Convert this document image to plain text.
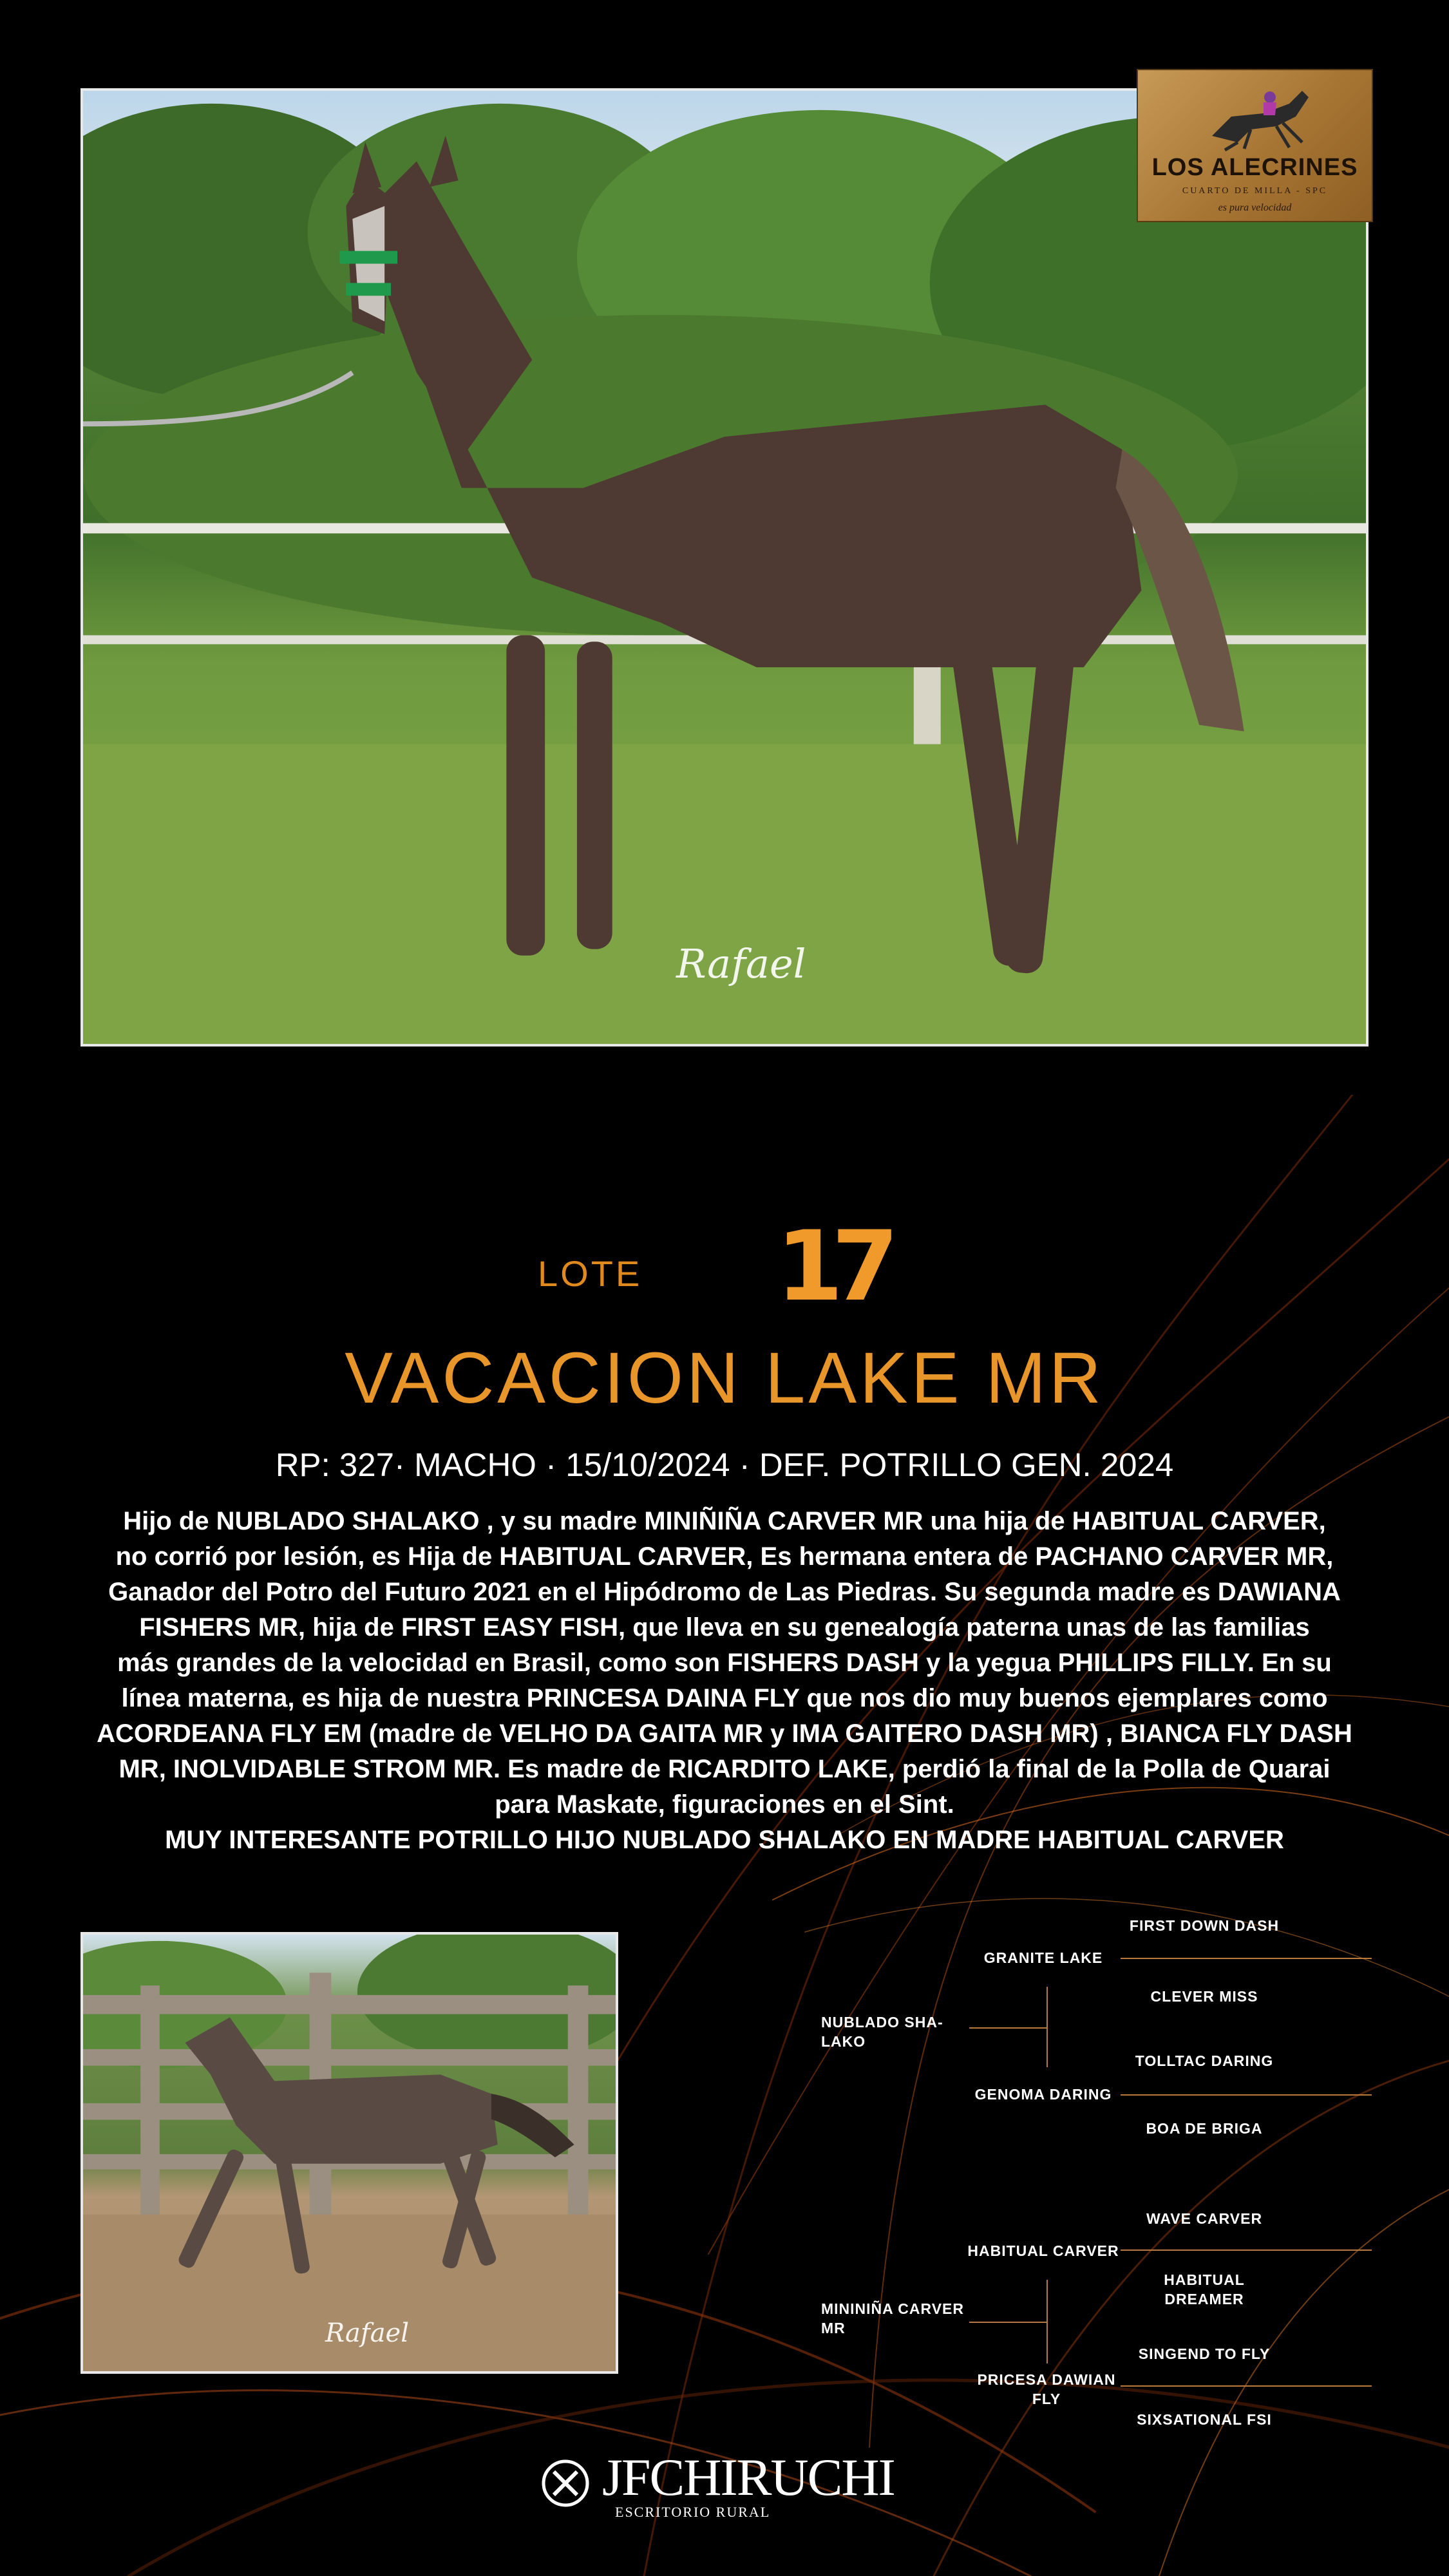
Rafael
LOS ALECRINES
CUARTO DE MILLA - SPC
es pura velocidad
LOTE 17
VACACION LAKE MR
RP: 327· MACHO · 15/10/2024 · DEF. POTRILLO GEN. 2024

Hijo de NUBLADO SHALAKO , y su madre MINIÑIÑA CARVER MR una hija de HABITUAL CARVER,

no corrió por lesión, es Hija de HABITUAL CARVER, Es hermana entera de PACHANO CARVER MR,

Ganador del Potro del Futuro 2021 en el Hipódromo de Las Piedras. Su segunda madre es DAWIANA

FISHERS MR, hija de FIRST EASY FISH, que lleva en su genealogía paterna unas de las familias

más grandes de la velocidad en Brasil, como son FISHERS DASH y la yegua PHILLIPS FILLY. En su

línea materna, es hija de nuestra PRINCESA DAINA FLY que nos dio muy buenos ejemplares como

ACORDEANA FLY EM (madre de VELHO DA GAITA MR y IMA GAITERO DASH MR) , BIANCA FLY DASH

MR, INOLVIDABLE STROM MR. Es madre de RICARDITO LAKE, perdió la final de la Polla de Quarai

para Maskate, figuraciones en el Sint.

MUY INTERESANTE POTRILLO HIJO NUBLADO SHALAKO EN MADRE HABITUAL CARVER

Rafael
FIRST DOWN DASH
GRANITE LAKE
CLEVER MISS
NUBLADO SHA-
LAKO
TOLLTAC DARING
GENOMA DARING
BOA DE BRIGA
WAVE CARVER
HABITUAL CARVER
HABITUAL
DREAMER
MININIÑA CARVER
MR
SINGEND TO FLY
PRICESA DAWIAN
FLY
SIXSATIONAL FSI
JFCHIRUCHI
ESCRITORIO RURAL
